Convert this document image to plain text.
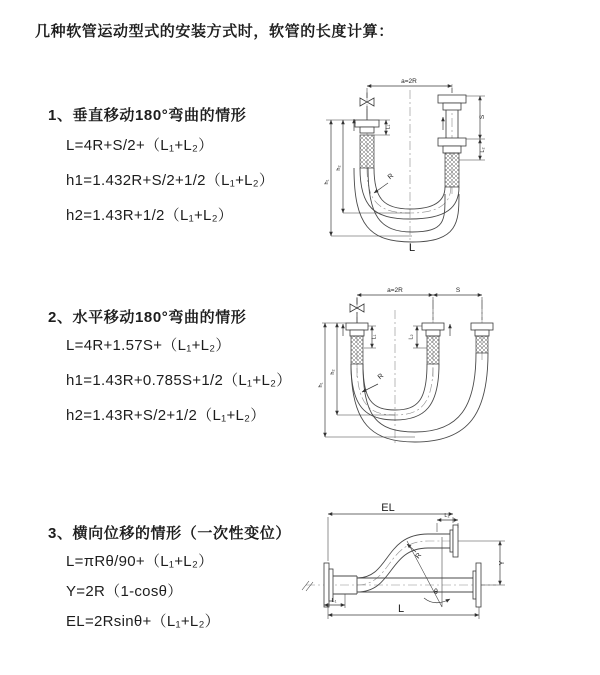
几种软管运动型式的安装方式时，软管的长度计算：
1、垂直移动180°弯曲的情形
L=4R+S/2+（L₁+L₂）
h1=1.432R+S/2+1/2（L₁+L₂）
h2=1.43R+1/2（L₁+L₂）
a=2R
L₁
S
L₂
h₂
h₁
R
L
2、水平移动180°弯曲的情形
L=4R+1.57S+（L₁+L₂）
h1=1.43R+0.785S+1/2（L₁+L₂）
h2=1.43R+S/2+1/2（L₁+L₂）
a=2R	S
L₁	L₂
h₂
h₁
R
3、横向位移的情形（一次性变位）
L=πRθ/90+（L₁+L₂）
Y=2R（1-cosθ）
EL=2Rsinθ+（L₁+L₂）
EL
L₂
Y
θ
R
L₁
L
